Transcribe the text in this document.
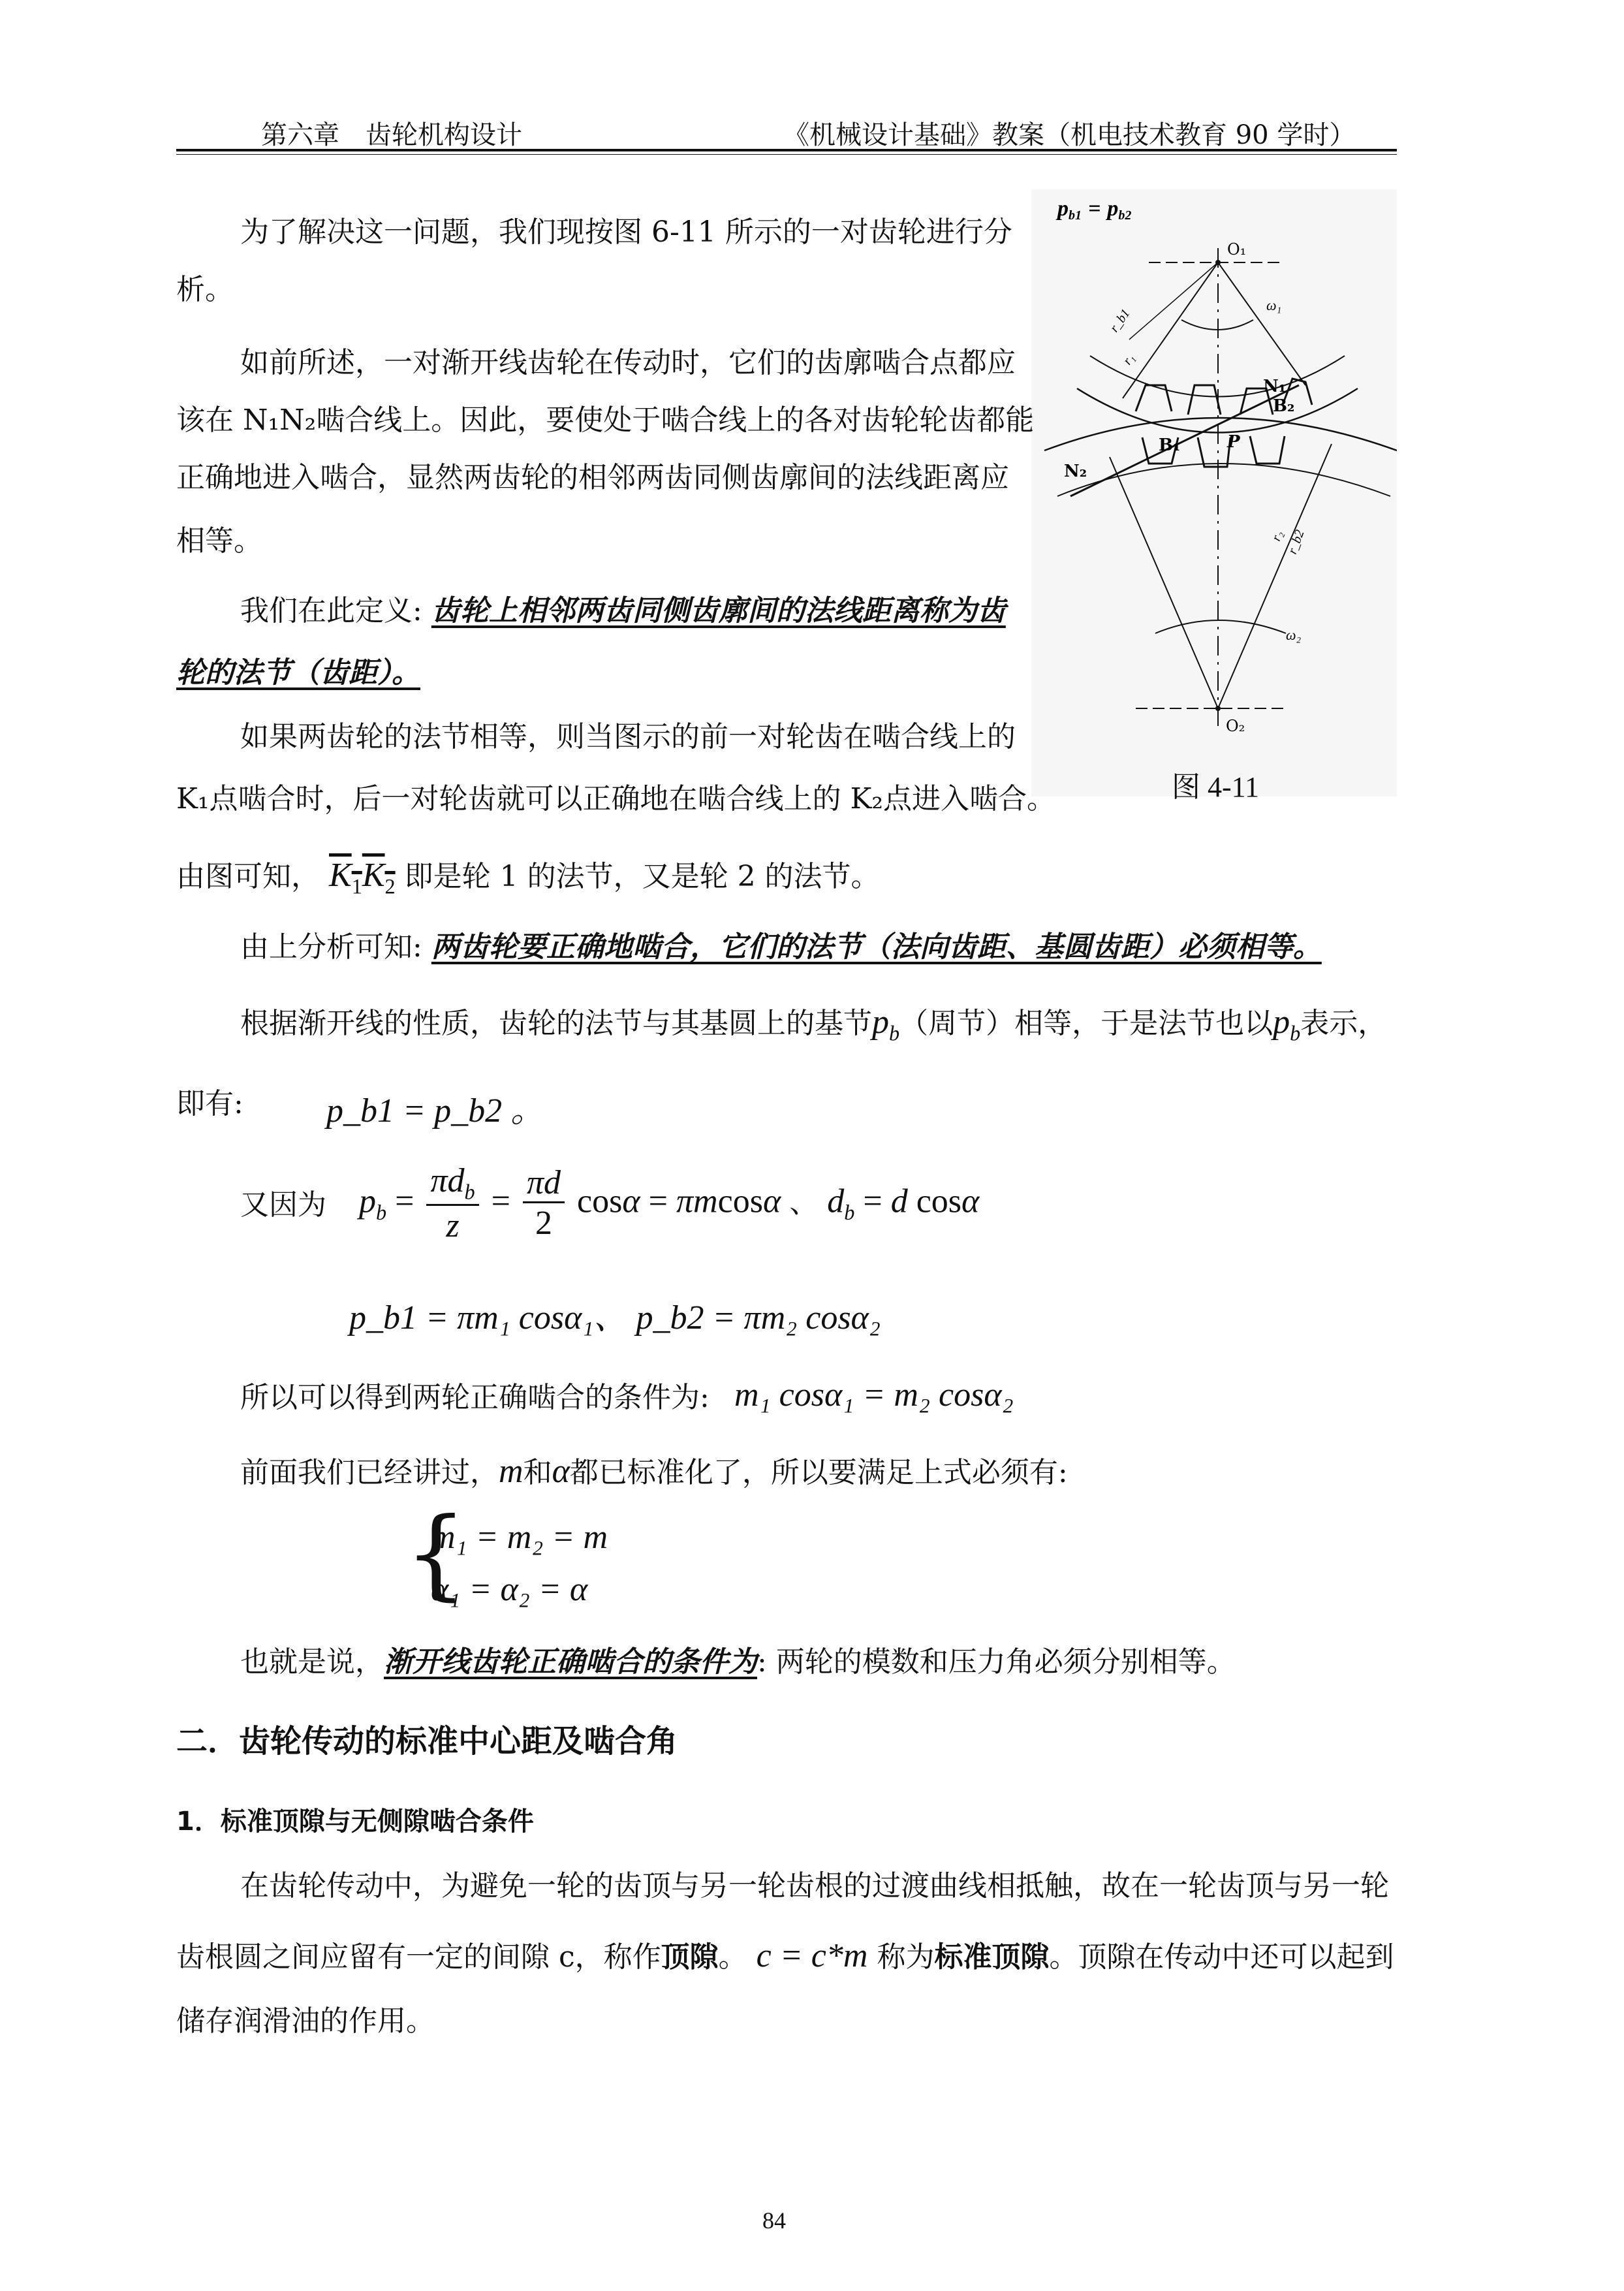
第六章　齿轮机构设计	《机械设计基础》教案（机电技术教育 90 学时）
pb1 = pb2
O₁
O₂
ω₁
ω₂
N₁
B₂
P
B₁
N₂
r_b1
r₁
r₂ r_b2
图 4-11
为了解决这一问题，我们现按图 6-11 所示的一对齿轮进行分
析。
如前所述，一对渐开线齿轮在传动时，它们的齿廓啮合点都应
该在 N₁N₂啮合线上。因此，要使处于啮合线上的各对齿轮轮齿都能
正确地进入啮合，显然两齿轮的相邻两齿同侧齿廓间的法线距离应
相等。
我们在此定义: 齿轮上相邻两齿同侧齿廓间的法线距离称为齿
轮的法节（齿距）。
如果两齿轮的法节相等，则当图示的前一对轮齿在啮合线上的
K₁点啮合时，后一对轮齿就可以正确地在啮合线上的 K₂点进入啮合。
由图可知， $K_1K_2$ 即是轮 1 的法节，又是轮 2 的法节。
由上分析可知: 两齿轮要正确地啮合，它们的法节（法向齿距、基圆齿距）必须相等。
根据渐开线的性质，齿轮的法节与其基圆上的基节$p_b$（周节）相等，于是法节也以$p_b$表示，
即有: p_b1 = p_b2 。
又因为 $p_b = \frac{\pi d_b}{z} = \frac{\pi d}{2}$ cosα = πmcosα 、 $d_b = d$ cosα
p_b1 = πm₁ cosα₁、 p_b2 = πm₂ cosα₂
所以可以得到两轮正确啮合的条件为: m₁ cosα₁ = m₂ cosα₂
前面我们已经讲过，m和α都已标准化了，所以要满足上式必须有:
{
m₁ = m₂ = m
α₁ = α₂ = α
也就是说，渐开线齿轮正确啮合的条件为: 两轮的模数和压力角必须分别相等。
二．齿轮传动的标准中心距及啮合角
1．标准顶隙与无侧隙啮合条件
在齿轮传动中，为避免一轮的齿顶与另一轮齿根的过渡曲线相抵触，故在一轮齿顶与另一轮
齿根圆之间应留有一定的间隙 c，称作顶隙。 c = c*m 称为标准顶隙。顶隙在传动中还可以起到
储存润滑油的作用。
84
